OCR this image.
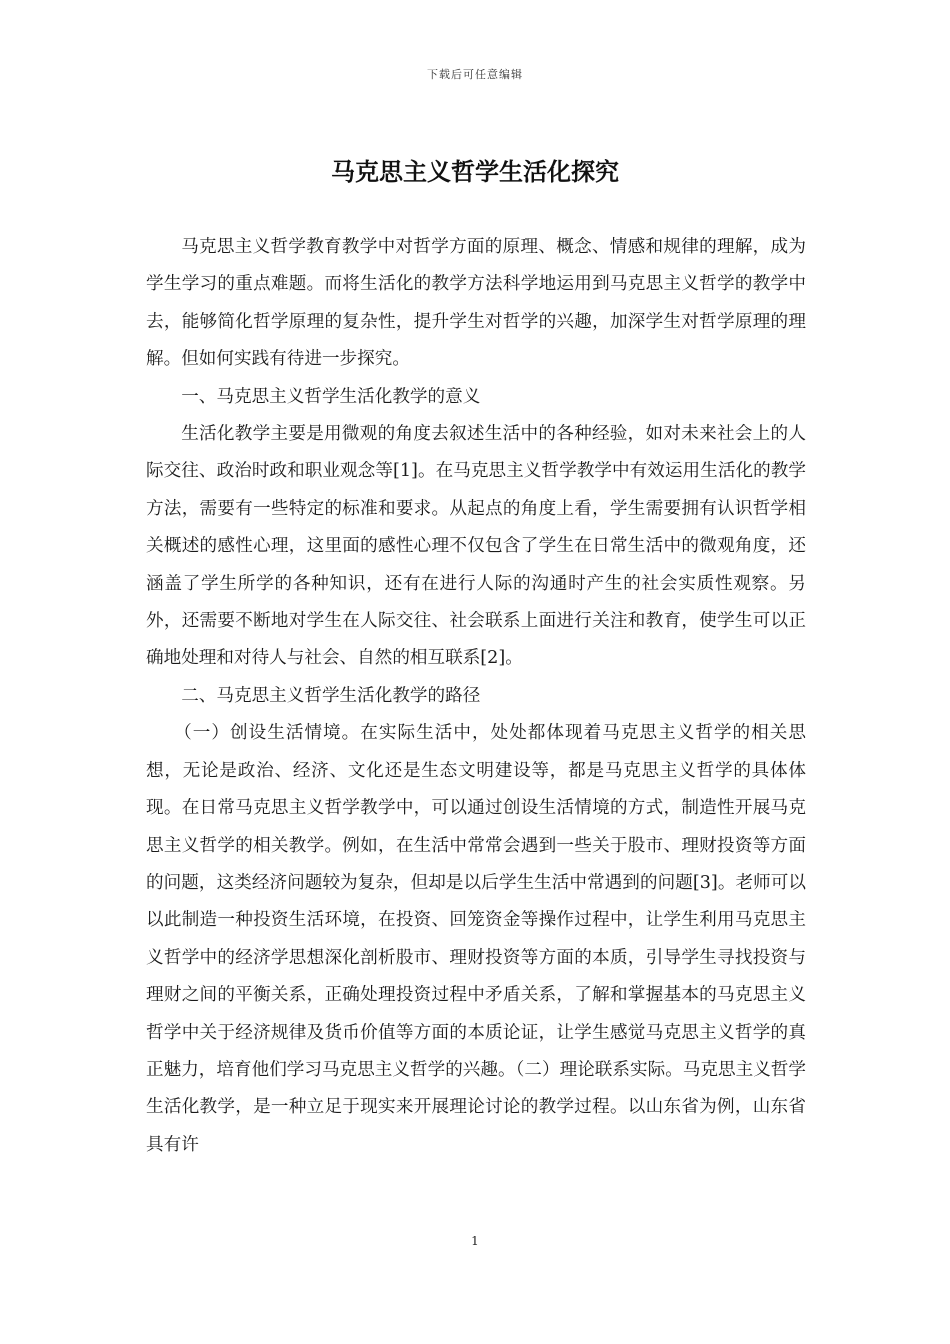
下载后可任意编辑
马克思主义哲学生活化探究

马克思主义哲学教育教学中对哲学方面的原理、概念、情感和规律的理解，成为学生学习的重点难题。而将生活化的教学方法科学地运用到马克思主义哲学的教学中去，能够简化哲学原理的复杂性，提升学生对哲学的兴趣，加深学生对哲学原理的理解。但如何实践有待进一步探究。

一、马克思主义哲学生活化教学的意义

生活化教学主要是用微观的角度去叙述生活中的各种经验，如对未来社会上的人际交往、政治时政和职业观念等[1]。在马克思主义哲学教学中有效运用生活化的教学方法，需要有一些特定的标准和要求。从起点的角度上看，学生需要拥有认识哲学相关概述的感性心理，这里面的感性心理不仅包含了学生在日常生活中的微观角度，还涵盖了学生所学的各种知识，还有在进行人际的沟通时产生的社会实质性观察。另外，还需要不断地对学生在人际交往、社会联系上面进行关注和教育，使学生可以正确地处理和对待人与社会、自然的相互联系[2]。

二、马克思主义哲学生活化教学的路径

（一）创设生活情境。在实际生活中，处处都体现着马克思主义哲学的相关思想，无论是政治、经济、文化还是生态文明建设等，都是马克思主义哲学的具体体现。在日常马克思主义哲学教学中，可以通过创设生活情境的方式，制造性开展马克思主义哲学的相关教学。例如，在生活中常常会遇到一些关于股市、理财投资等方面的问题，这类经济问题较为复杂，但却是以后学生生活中常遇到的问题[3]。老师可以以此制造一种投资生活环境，在投资、回笼资金等操作过程中，让学生利用马克思主义哲学中的经济学思想深化剖析股市、理财投资等方面的本质，引导学生寻找投资与理财之间的平衡关系，正确处理投资过程中矛盾关系，了解和掌握基本的马克思主义哲学中关于经济规律及货币价值等方面的本质论证，让学生感觉马克思主义哲学的真正魅力，培育他们学习马克思主义哲学的兴趣。（二）理论联系实际。马克思主义哲学生活化教学，是一种立足于现实来开展理论讨论的教学过程。以山东省为例，山东省具有许

1
